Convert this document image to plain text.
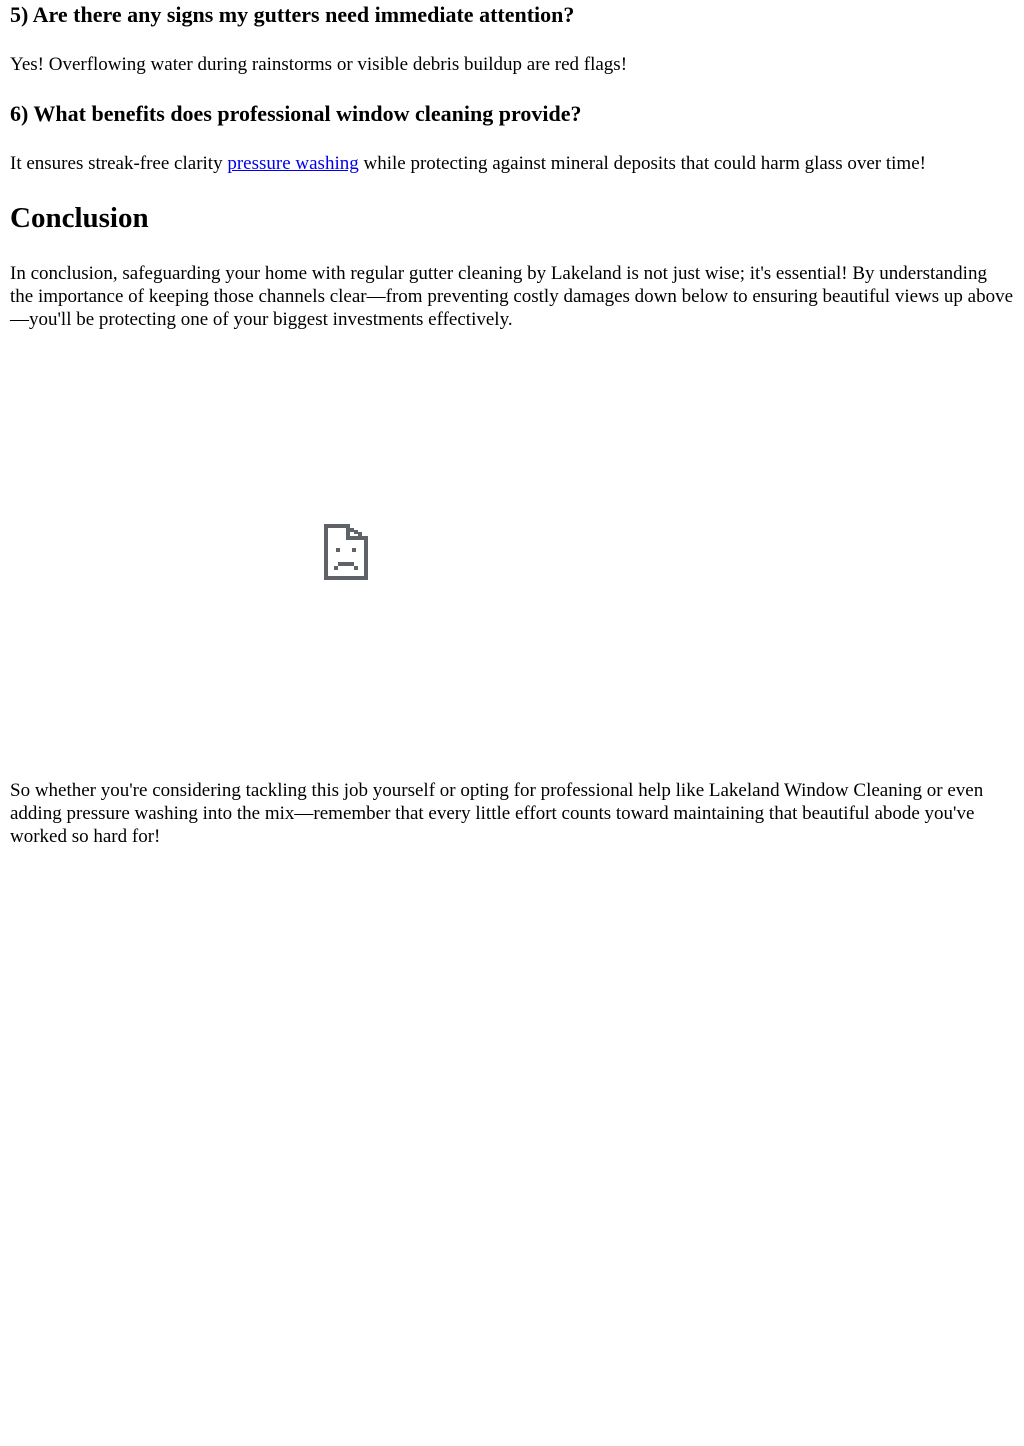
5) Are there any signs my gutters need immediate attention?

Yes! Overflowing water during rainstorms or visible debris buildup are red flags!

6) What benefits does professional window cleaning provide?

It ensures streak-free clarity pressure washing while protecting against mineral deposits that could harm glass over time!

Conclusion

In conclusion, safeguarding your home with regular gutter cleaning by Lakeland is not just wise; it's essential! By understanding the importance of keeping those channels clear—from preventing costly damages down below to ensuring beautiful views up above—you'll be protecting one of your biggest investments effectively.

So whether you're considering tackling this job yourself or opting for professional help like Lakeland Window Cleaning or even adding pressure washing into the mix—remember that every little effort counts toward maintaining that beautiful abode you've worked so hard for!
